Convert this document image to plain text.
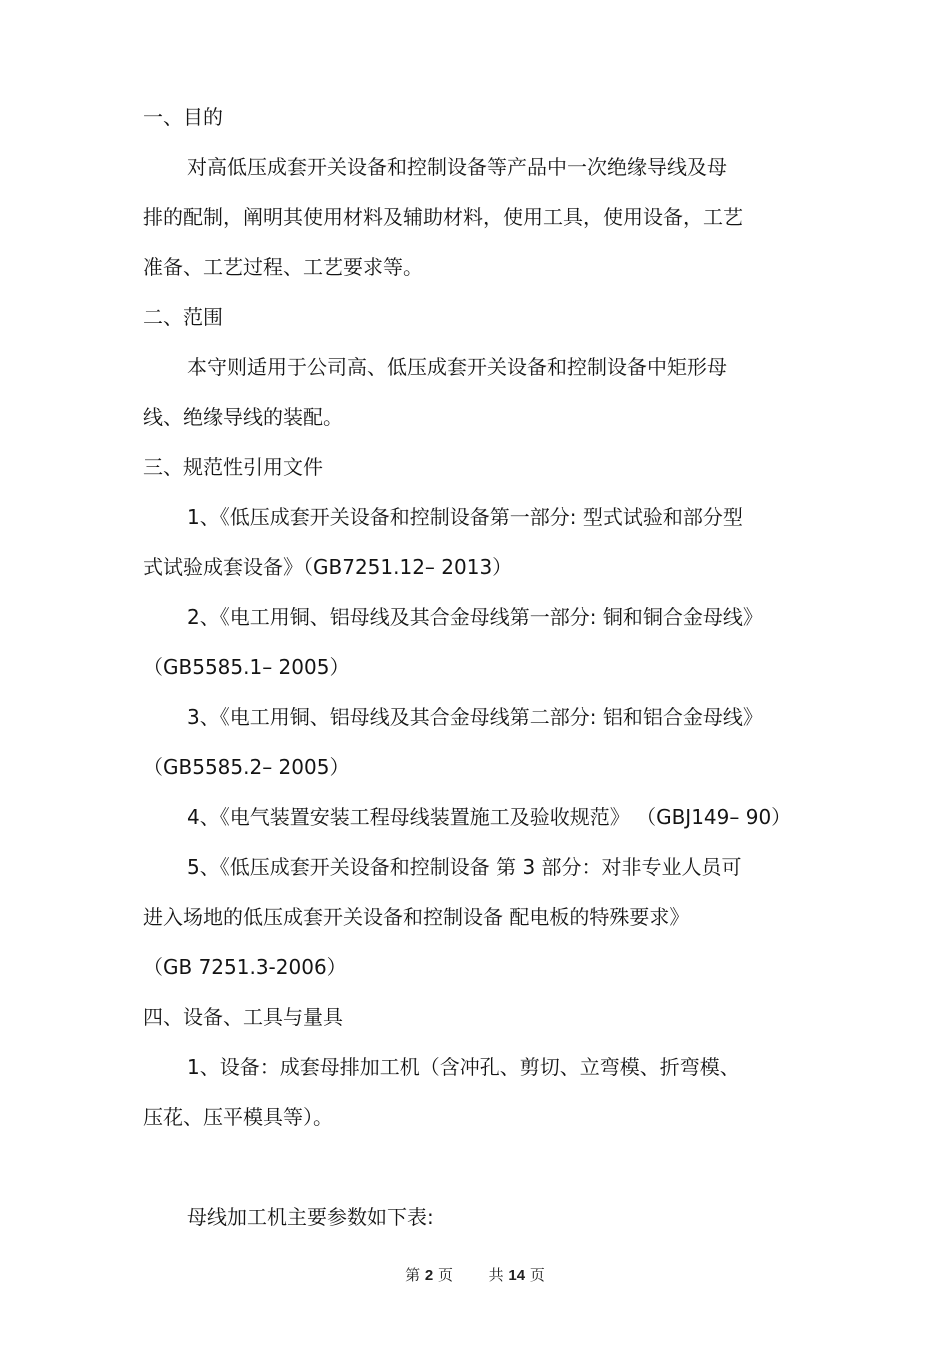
一、目的
对高低压成套开关设备和控制设备等产品中一次绝缘导线及母
排的配制，阐明其使用材料及辅助材料，使用工具，使用设备，工艺
准备、工艺过程、工艺要求等。
二、范围
本守则适用于公司高、低压成套开关设备和控制设备中矩形母
线、绝缘导线的装配。
三、规范性引用文件
1、《低压成套开关设备和控制设备第一部分: 型式试验和部分型
式试验成套设备》（GB7251.12– 2013）
2、《电工用铜、铝母线及其合金母线第一部分: 铜和铜合金母线》
（GB5585.1– 2005）
3、《电工用铜、铝母线及其合金母线第二部分: 铝和铝合金母线》
（GB5585.2– 2005）
4、《电气装置安装工程母线装置施工及验收规范》 （GBJ149– 90）
5、《低压成套开关设备和控制设备 第 3 部分：对非专业人员可
进入场地的低压成套开关设备和控制设备 配电板的特殊要求》
（GB 7251.3-2006）
四、设备、工具与量具
1、设备：成套母排加工机（含冲孔、剪切、立弯模、折弯模、
压花、压平模具等）。
母线加工机主要参数如下表:
第 2 页 共 14 页
